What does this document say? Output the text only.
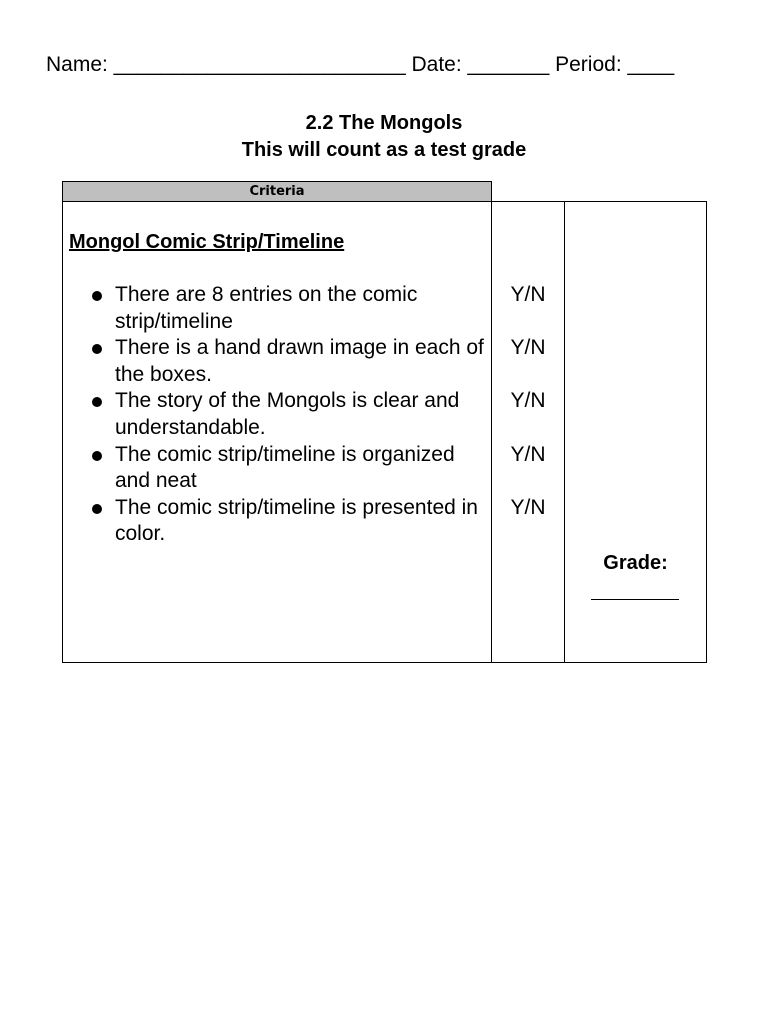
Name: _________________________ Date: _______ Period: ____
2.2 The Mongols
This will count as a test grade
Criteria
Mongol Comic Strip/Timeline
There are 8 entries on the comic strip/timeline
There is a hand drawn image in each of the boxes.
The story of the Mongols is clear and understandable.
The comic strip/timeline is organized and neat
The comic strip/timeline is presented in color.
Y/N
Y/N
Y/N
Y/N
Y/N
Grade:
